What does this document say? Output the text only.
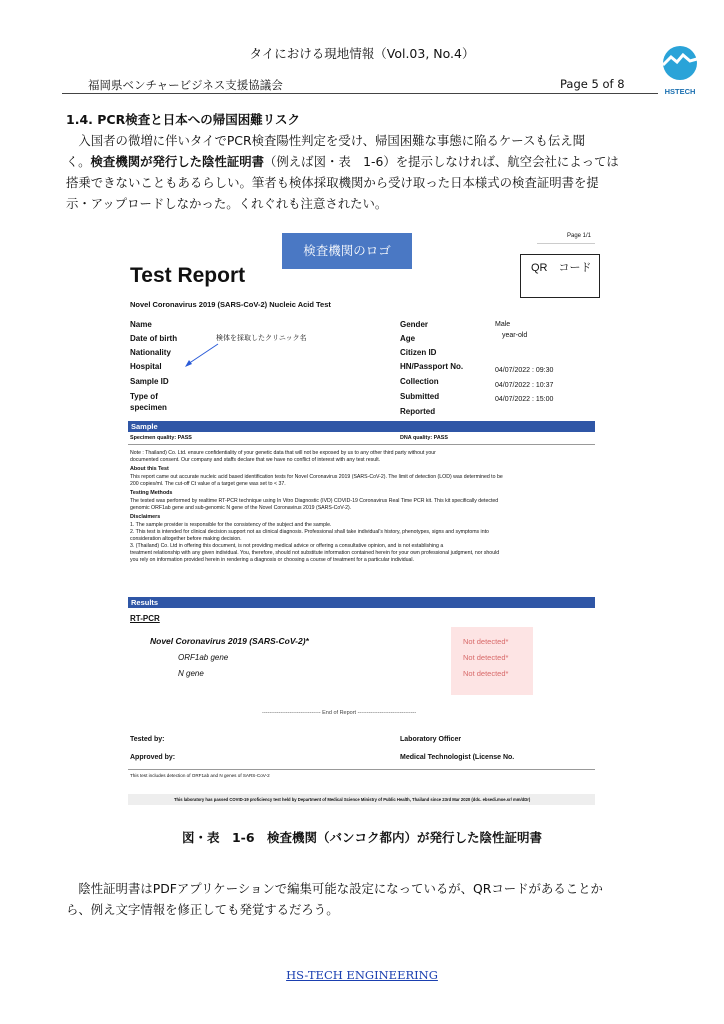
タイにおける現地情報（Vol.03, No.4）
福岡県ベンチャービジネス支援協議会	Page 5 of 8
HSTECH
1.4. PCR検査と日本への帰国困難リスク
　入国者の微増に伴いタイでPCR検査陽性判定を受け、帰国困難な事態に陥るケースも伝え聞
く。検査機関が発行した陰性証明書（例えば図・表　1-6）を提示しなければ、航空会社によっては
搭乗できないこともあるらしい。筆者も検体採取機関から受け取った日本様式の検査証明書を提
示・アップロードしなかった。くれぐれも注意されたい。
Page 1/1
検査機関のロゴ
QR　コード
Test Report
Novel Coronavirus 2019 (SARS-CoV-2) Nucleic Acid Test
Name
Date of birth
Nationality
Hospital
Sample ID
Type of
specimen
検体を採取したクリニック名
Gender
Age
Citizen ID
HN/Passport No.
Collection
Submitted
Reported
Male
year-old
04/07/2022 : 09:30
04/07/2022 : 10:37
04/07/2022 : 15:00
Sample
Specimen quality: PASS	DNA quality: PASS
Note : Thailand) Co. Ltd. ensure confidentiality of your genetic data that will not be exposed by us to any other third party without your
documented consent. Our company and staffs declare that we have no conflict of interest with any test result.
About this Test
This report came out accurate nucleic acid based identification tests for Novel Coronavirus 2019 (SARS-CoV-2). The limit of detection (LOD) was determined to be
200 copies/ml. The cut-off Ct value of a target gene was set to < 37.
Testing Methods
The tested was performed by realtime RT-PCR technique using In Vitro Diagnostic (IVD) COVID-19 Coronavirus Real Time PCR kit. This kit specifically detected
genomic ORF1ab gene and sub-genomic N gene of the Novel Coronavirus 2019 (SARS-CoV-2).
Disclaimers
1. The sample provider is responsible for the consistency of the subject and the sample.
2. This test is intended for clinical decision support not as clinical diagnosis. Professional shall take individual's history, phenotypes, signs and symptoms into
consideration altogether before making decision.
3. (Thailand) Co. Ltd in offering this document, is not providing medical advice or offering a consultative opinion, and is not establishing a
treatment relationship with any given individual. You, therefore, should not substitute information contained herein for your own professional judgment, nor should
you rely on information provided herein in rendering a diagnosis or choosing a course of treatment for a particular individual.
Results
RT-PCR
Novel Coronavirus 2019 (SARS-CoV-2)*
ORF1ab gene
N gene
Not detected*
Not detected*
Not detected*
-------------------------------- End of Report --------------------------------
Tested by:
Approved by:
Laboratory Officer
Medical Technologist (License No.
This test includes detection of ORF1ab and N genes of SARS-CoV-2
This laboratory has passed COVID-19 proficiency test held by Department of Medical Science Ministry of Public Health, Thailand since 23rd Mar 2020 (ddc. ebsedi.moe.sr/ mm/dDr)
図・表　1-6　検査機関（バンコク都内）が発行した陰性証明書
　陰性証明書はPDFアプリケーションで編集可能な設定になっているが、QRコードがあることか
ら、例え文字情報を修正しても発覚するだろう。
HS-TECH ENGINEERING
